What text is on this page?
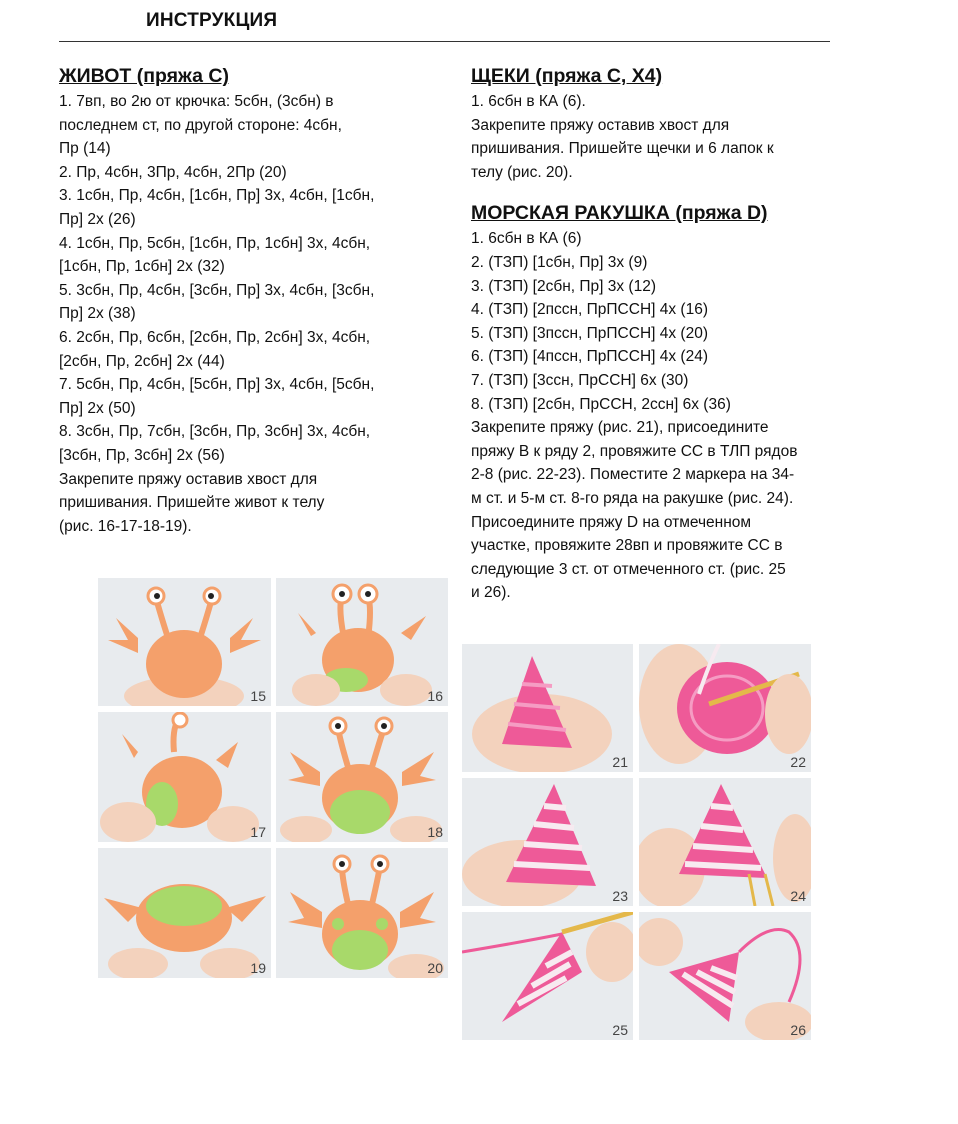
ИНСТРУКЦИЯ
ЖИВОТ (пряжа С)
1. 7вп, во 2ю от крючка: 5сбн, (3сбн) в
последнем ст, по другой стороне: 4сбн,
Пр (14)
2. Пр, 4сбн, 3Пр, 4сбн, 2Пр (20)
3. 1сбн, Пр, 4сбн, [1сбн, Пр] 3х, 4сбн, [1сбн,
Пр] 2х (26)
4. 1сбн, Пр, 5сбн, [1сбн, Пр, 1сбн] 3х, 4сбн,
[1сбн, Пр, 1сбн] 2х (32)
5. 3сбн, Пр, 4сбн, [3сбн, Пр] 3х, 4сбн, [3сбн,
Пр] 2х (38)
6. 2сбн, Пр, 6сбн, [2сбн, Пр, 2сбн] 3х, 4сбн,
[2сбн, Пр, 2сбн] 2х (44)
7. 5сбн, Пр, 4сбн, [5сбн, Пр] 3х, 4сбн, [5сбн,
Пр] 2х (50)
8. 3сбн, Пр, 7сбн, [3сбн, Пр, 3сбн] 3х, 4сбн,
[3сбн, Пр, 3сбн] 2х (56)
Закрепите пряжу оставив хвост для
пришивания. Пришейте живот к телу
(рис. 16-17-18-19).
ЩЕКИ (пряжа С, Х4)
1. 6сбн в КА (6).
Закрепите пряжу оставив хвост для
пришивания. Пришейте щечки и 6 лапок к
телу (рис. 20).
МОРСКАЯ РАКУШКА (пряжа D)
1. 6сбн в КА (6)
2. (ТЗП) [1сбн, Пр] 3х (9)
3. (ТЗП) [2сбн, Пр] 3х (12)
4. (ТЗП) [2пссн, ПрПССН] 4х (16)
5. (ТЗП) [3пссн, ПрПССН] 4х (20)
6. (ТЗП) [4пссн, ПрПССН] 4х (24)
7. (ТЗП) [3ссн, ПрССН] 6х (30)
8. (ТЗП) [2сбн, ПрССН, 2ссн] 6х (36)
Закрепите пряжу (рис. 21), присоедините
пряжу В к ряду 2, провяжите СС в ТЛП рядов
2-8 (рис. 22-23). Поместите 2 маркера на 34-
м ст. и 5-м ст. 8-го ряда на ракушке (рис. 24).
Присоедините пряжу D на отмеченном
участке, провяжите 28вп и провяжите СС в
следующие 3 ст. от отмеченного ст. (рис. 25
и 26).
15	16
17	18
19	20
21	22
23	24
25	26
